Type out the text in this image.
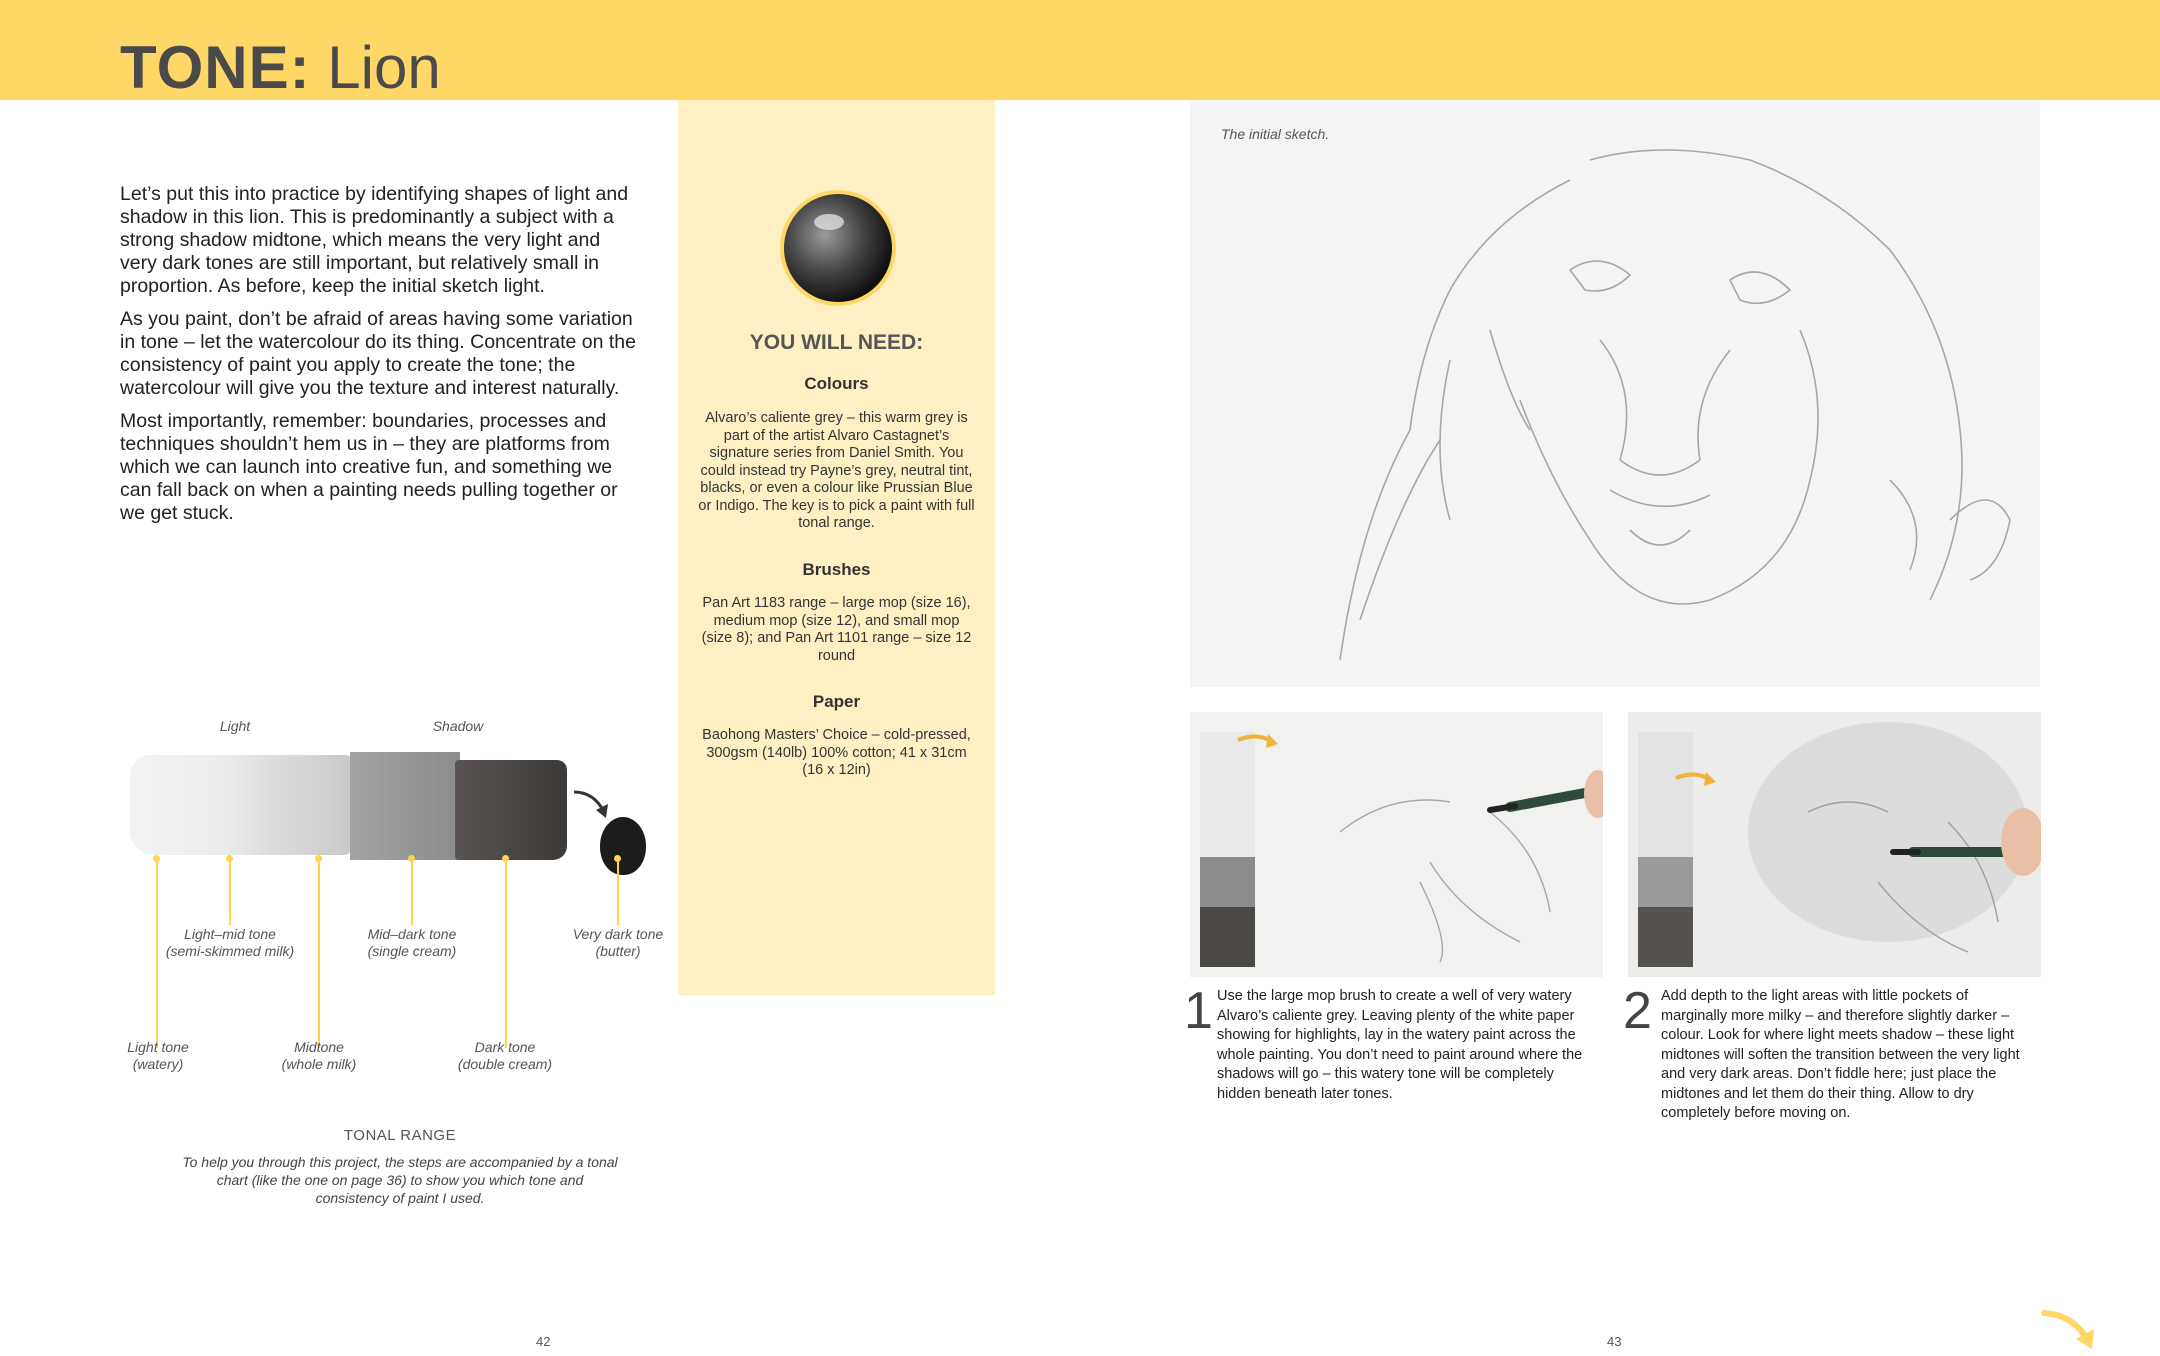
TONE: Lion

Let’s put this into practice by identifying shapes of light and shadow in this lion. This is predominantly a subject with a strong shadow midtone, which means the very light and very dark tones are still important, but relatively small in proportion. As before, keep the initial sketch light.

As you paint, don’t be afraid of areas having some variation in tone – let the watercolour do its thing. Concentrate on the consistency of paint you apply to create the tone; the watercolour will give you the texture and interest naturally.

Most importantly, remember: boundaries, processes and techniques shouldn’t hem us in – they are platforms from which we can launch into creative fun, and something we can fall back on when a painting needs pulling together or we get stuck.

YOU WILL NEED:
Colours
Alvaro’s caliente grey – this warm grey is part of the artist Alvaro Castagnet’s signature series from Daniel Smith. You could instead try Payne’s grey, neutral tint, blacks, or even a colour like Prussian Blue or Indigo. The key is to pick a paint with full tonal range.
Brushes
Pan Art 1183 range – large mop (size 16), medium mop (size 12), and small mop (size 8); and Pan Art 1101 range – size 12 round
Paper
Baohong Masters’ Choice – cold-pressed, 300gsm (140lb) 100% cotton; 41 x 31cm (16 x 12in)
Light	Shadow
Light–mid tone
(semi-skimmed milk)
Mid–dark tone
(single cream)
Very dark tone
(butter)
Light tone
(watery)
Midtone
(whole milk)
Dark tone
(double cream)
TONAL RANGE
To help you through this project, the steps are accompanied by a tonal chart (like the one on page 36) to show you which tone and consistency of paint I used.
The initial sketch.
1 Use the large mop brush to create a well of very watery Alvaro’s caliente grey. Leaving plenty of the white paper showing for highlights, lay in the watery paint across the whole painting. You don’t need to paint around where the shadows will go – this watery tone will be completely hidden beneath later tones.
2 Add depth to the light areas with little pockets of marginally more milky – and therefore slightly darker – colour. Look for where light meets shadow – these light midtones will soften the transition between the very light and very dark areas. Don’t fiddle here; just place the midtones and let them do their thing. Allow to dry completely before moving on.
42	43
